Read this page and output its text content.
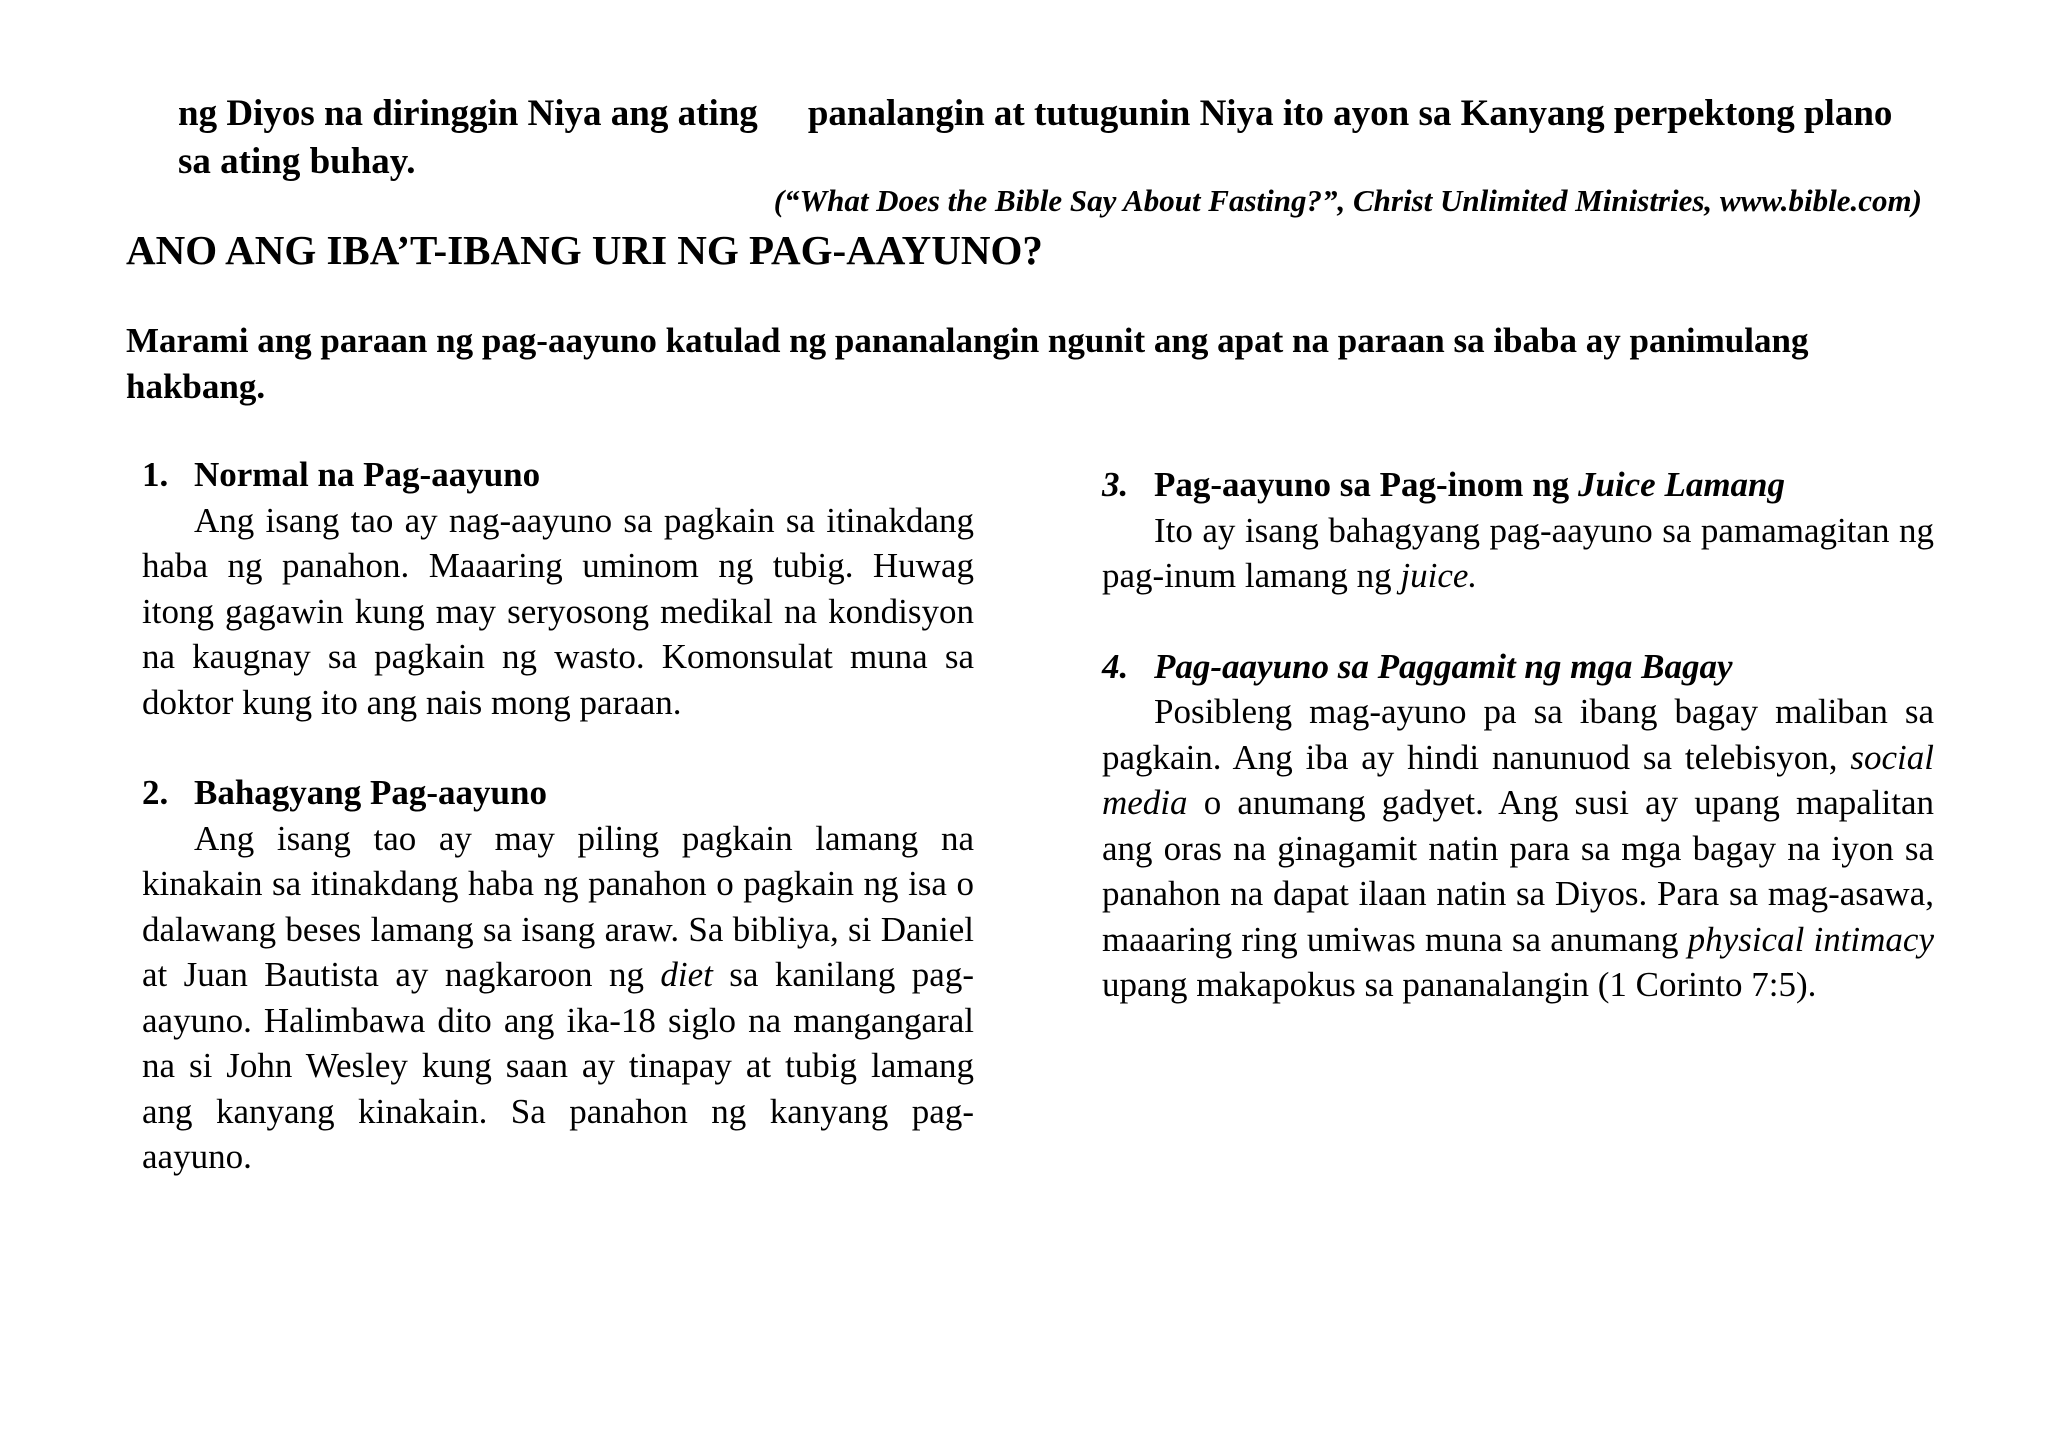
ng Diyos na diringgin Niya ang ating panalangin at tutugunin Niya ito ayon sa Kanyang perpektong plano sa ating buhay.
(“What Does the Bible Say About Fasting?”, Christ Unlimited Ministries, www.bible.com)
ANO ANG IBA’T-IBANG URI NG PAG-AAYUNO?
Marami ang paraan ng pag-aayuno katulad ng pananalangin ngunit ang apat na paraan sa ibaba ay panimulang hakbang.
1. Normal na Pag-aayuno
Ang isang tao ay nag-aayuno sa pagkain sa itinakdang haba ng panahon. Maaaring uminom ng tubig. Huwag itong gagawin kung may seryosong medikal na kondisyon na kaugnay sa pagkain ng wasto. Komonsulat muna sa doktor kung ito ang nais mong paraan.
2. Bahagyang Pag-aayuno
Ang isang tao ay may piling pagkain lamang na kinakain sa itinakdang haba ng panahon o pagkain ng isa o dalawang beses lamang sa isang araw. Sa bibliya, si Daniel at Juan Bautista ay nagkaroon ng diet sa kanilang pag-aayuno. Halimbawa dito ang ika-18 siglo na mangangaral na si John Wesley kung saan ay tinapay at tubig lamang ang kanyang kinakain. Sa panahon ng kanyang pag-aayuno.
3. Pag-aayuno sa Pag-inom ng Juice Lamang
Ito ay isang bahagyang pag-aayuno sa pamamagitan ng pag-inum lamang ng juice.
4. Pag-aayuno sa Paggamit ng mga Bagay
Posibleng mag-ayuno pa sa ibang bagay maliban sa pagkain. Ang iba ay hindi nanunuod sa telebisyon, social media o anumang gadyet. Ang susi ay upang mapalitan ang oras na ginagamit natin para sa mga bagay na iyon sa panahon na dapat ilaan natin sa Diyos. Para sa mag-asawa, maaaring ring umiwas muna sa anumang physical intimacy upang makapokus sa pananalangin (1 Corinto 7:5).
